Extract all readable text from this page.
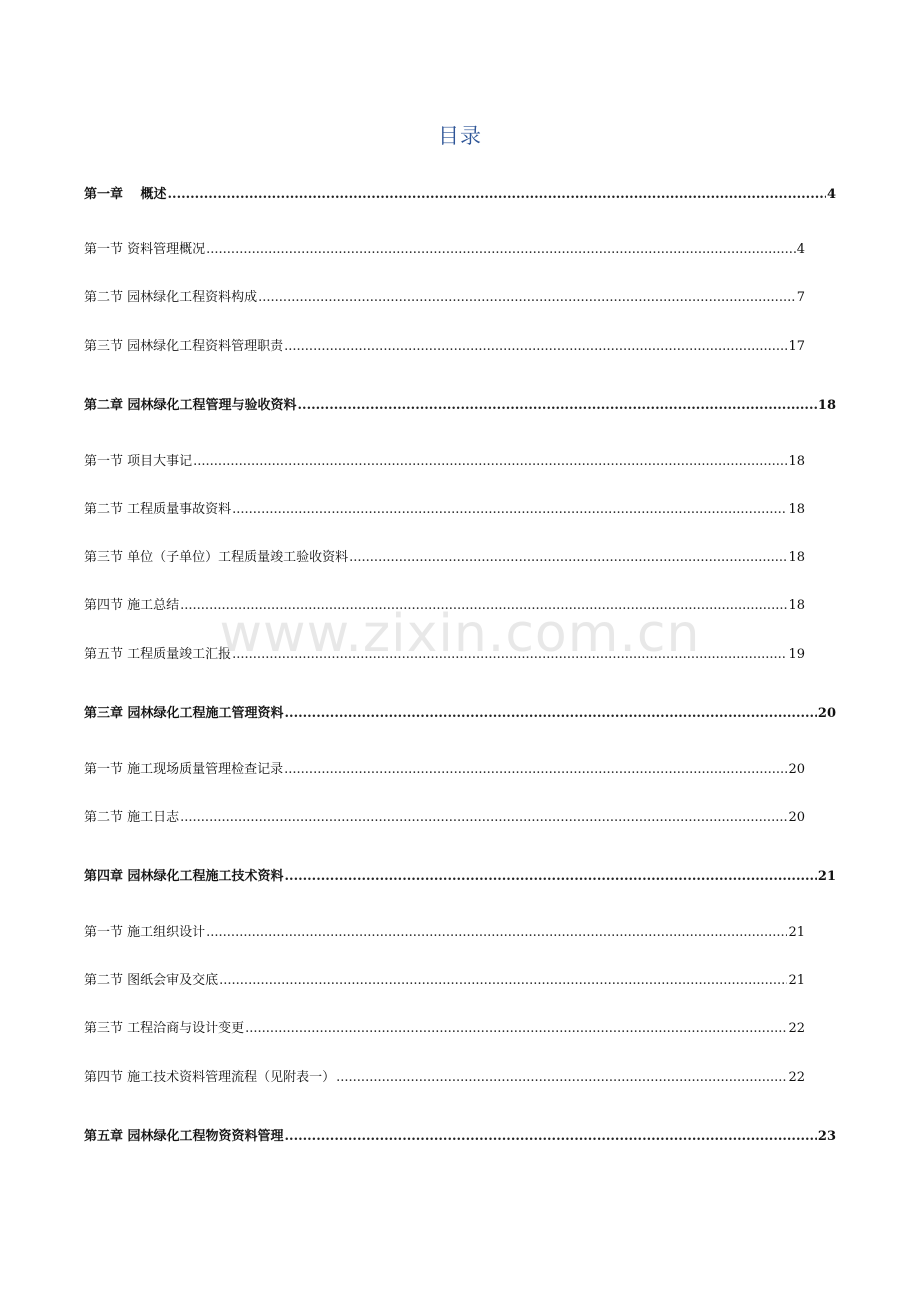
目录
第一章　 概述 .....	4
第一节 资料管理概况 .....	4
第二节 园林绿化工程资料构成 .....	7
第三节 园林绿化工程资料管理职责 .....	17
第二章 园林绿化工程管理与验收资料 .....	18
第一节 项目大事记 .....	18
第二节 工程质量事故资料 .....	18
第三节 单位（子单位）工程质量竣工验收资料 .....	18
第四节 施工总结 .....	18
第五节 工程质量竣工汇报 .....	19
第三章 园林绿化工程施工管理资料 .....	20
第一节 施工现场质量管理检查记录 .....	20
第二节 施工日志 .....	20
第四章 园林绿化工程施工技术资料 .....	21
第一节 施工组织设计 .....	21
第二节 图纸会审及交底 .....	21
第三节 工程洽商与设计变更 .....	22
第四节 施工技术资料管理流程（见附表一） .....	22
第五章 园林绿化工程物资资料管理 .....	23
www.zixin.com.cn
